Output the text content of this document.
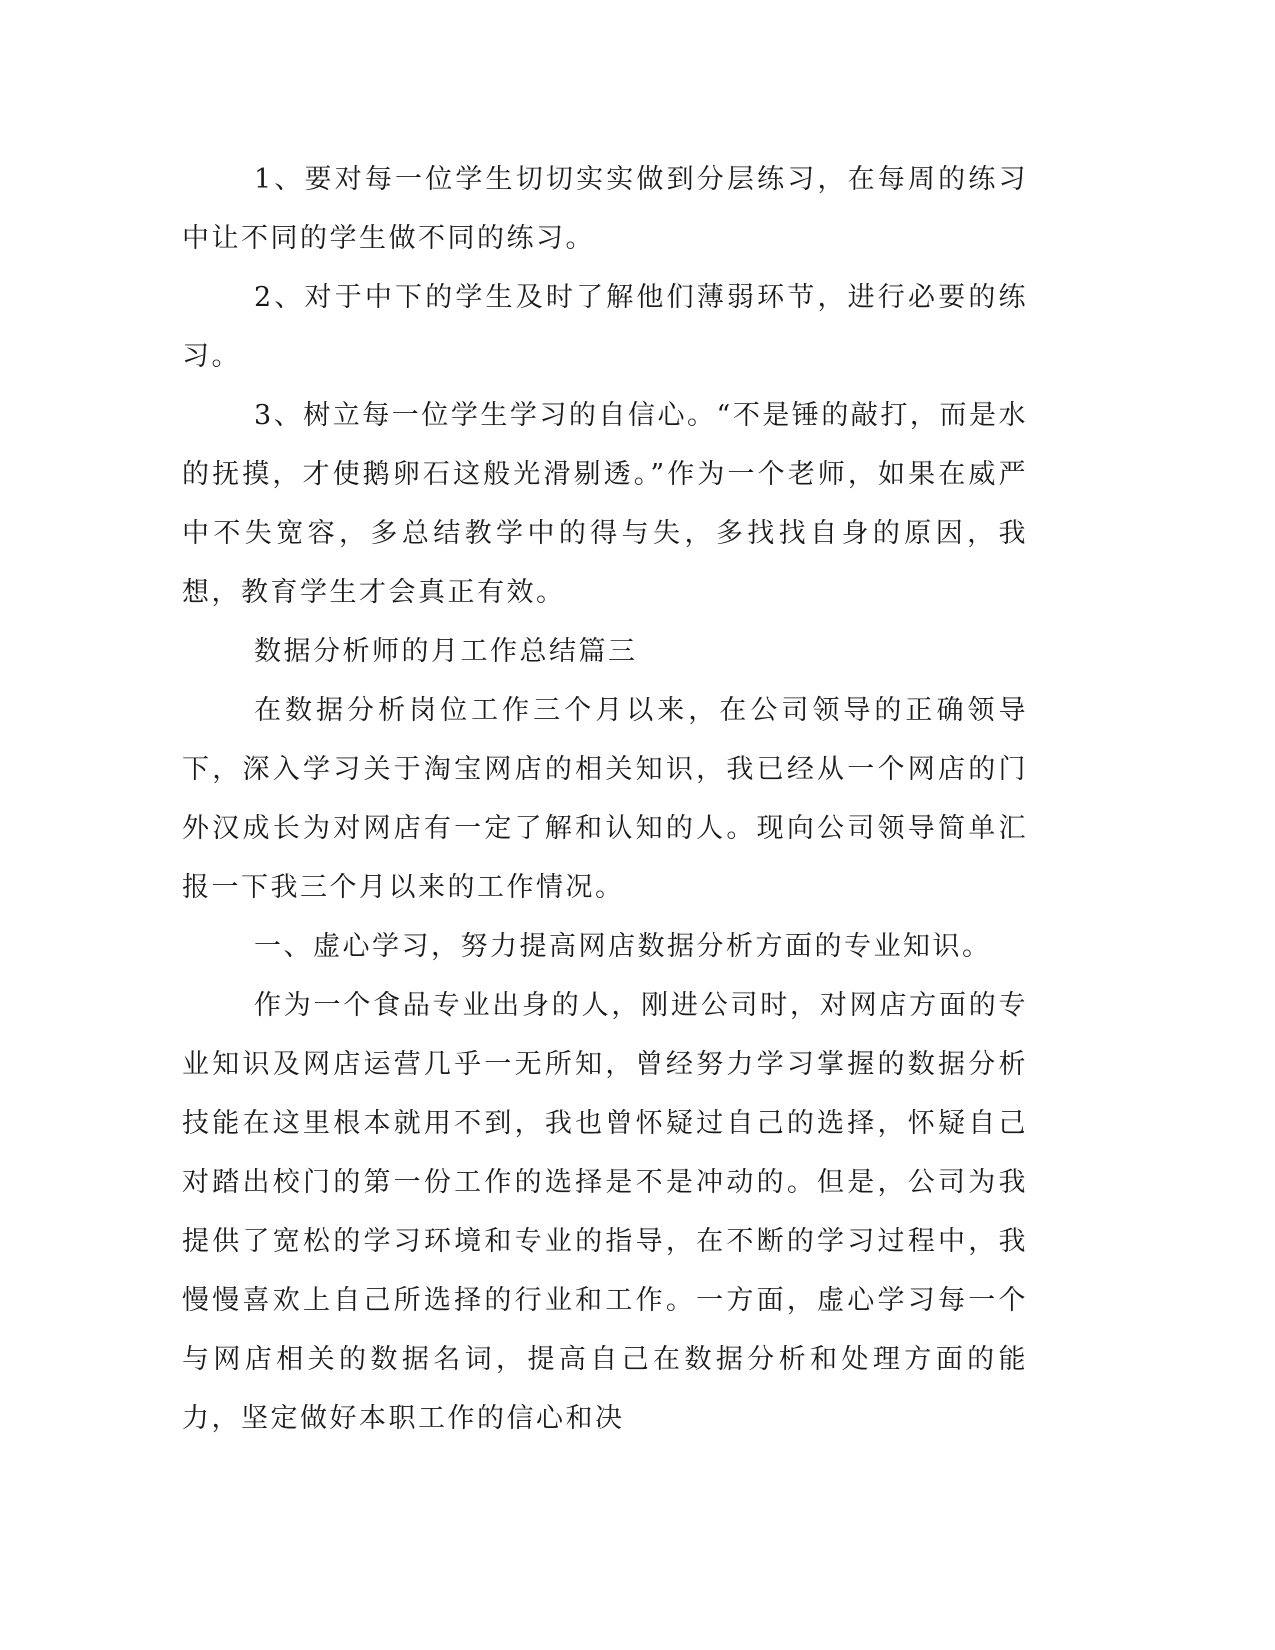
1、要对每一位学生切切实实做到分层练习，在每周的练习中让不同的学生做不同的练习。

2、对于中下的学生及时了解他们薄弱环节，进行必要的练习。

3、树立每一位学生学习的自信心。“不是锤的敲打，而是水的抚摸，才使鹅卵石这般光滑剔透。”作为一个老师，如果在威严中不失宽容，多总结教学中的得与失，多找找自身的原因，我想，教育学生才会真正有效。

数据分析师的月工作总结篇三

在数据分析岗位工作三个月以来，在公司领导的正确领导下，深入学习关于淘宝网店的相关知识，我已经从一个网店的门外汉成长为对网店有一定了解和认知的人。现向公司领导简单汇报一下我三个月以来的工作情况。

一、虚心学习，努力提高网店数据分析方面的专业知识。

作为一个食品专业出身的人，刚进公司时，对网店方面的专业知识及网店运营几乎一无所知，曾经努力学习掌握的数据分析技能在这里根本就用不到，我也曾怀疑过自己的选择，怀疑自己对踏出校门的第一份工作的选择是不是冲动的。但是，公司为我提供了宽松的学习环境和专业的指导，在不断的学习过程中，我慢慢喜欢上自己所选择的行业和工作。一方面，虚心学习每一个与网店相关的数据名词，提高自己在数据分析和处理方面的能力，坚定做好本职工作的信心和决
